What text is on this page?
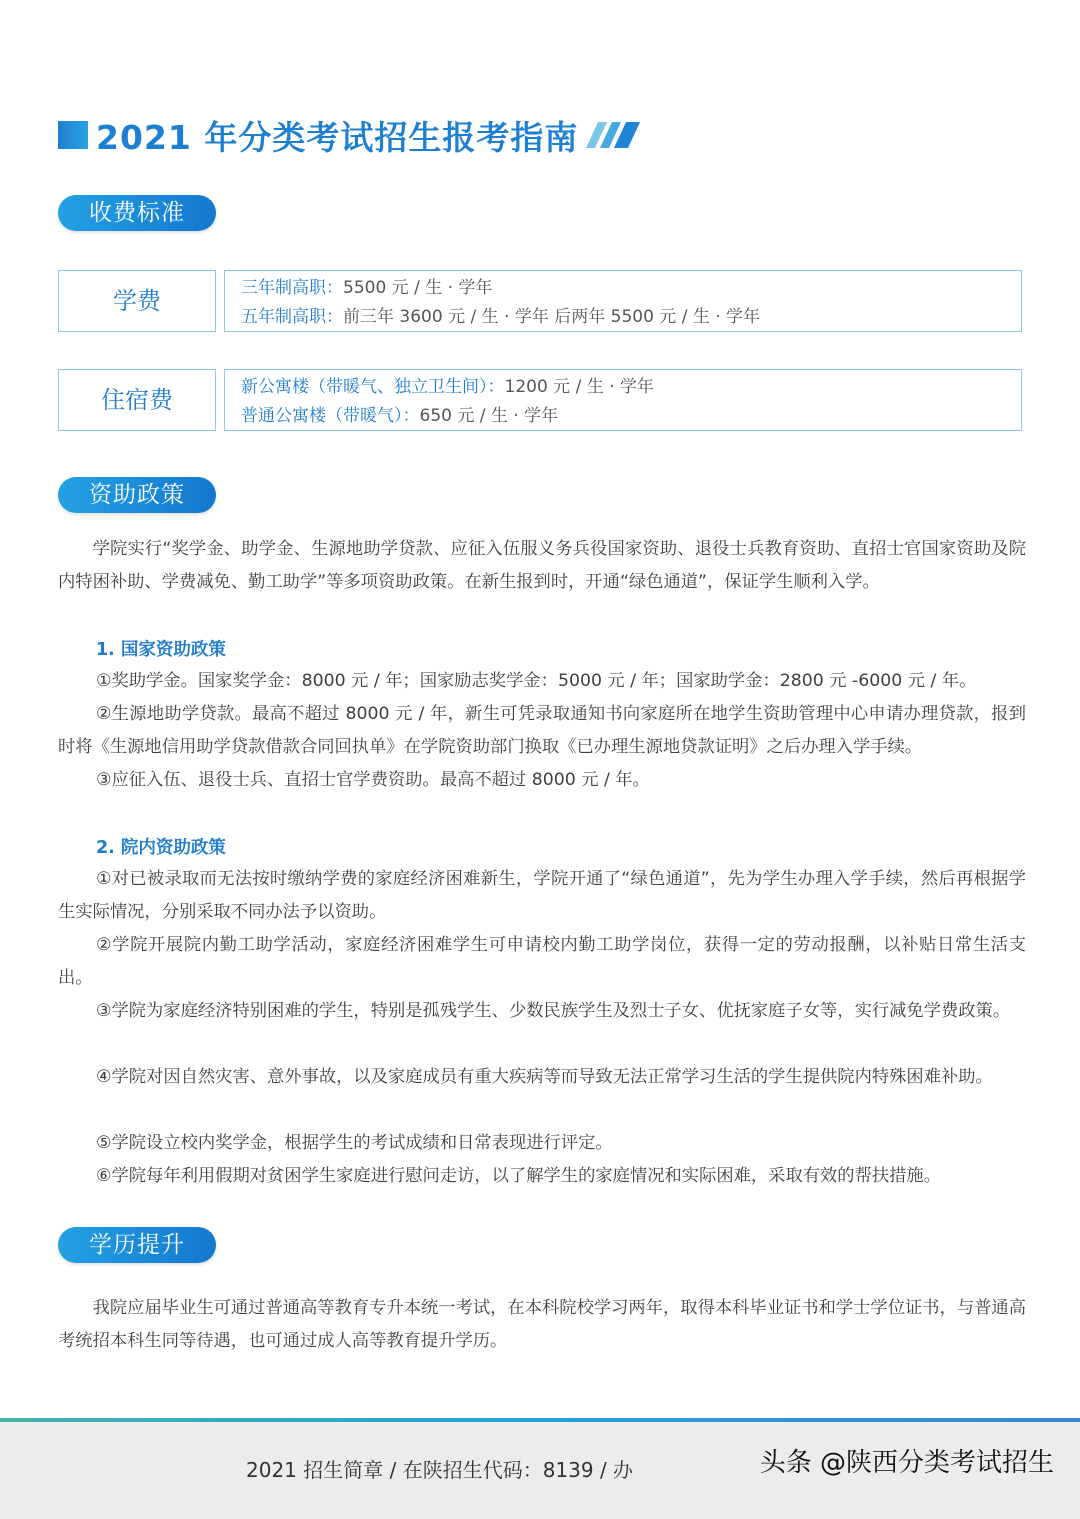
2021 年分类考试招生报考指南
收费标准
学费	三年制高职：5500 元 / 生 · 学年
五年制高职：前三年 3600 元 / 生 · 学年 后两年 5500 元 / 生 · 学年
住宿费	新公寓楼（带暖气、独立卫生间）：1200 元 / 生 · 学年
普通公寓楼（带暖气）：650 元 / 生 · 学年
资助政策
学院实行“奖学金、助学金、生源地助学贷款、应征入伍服义务兵役国家资助、退役士兵教育资助、直招士官国家资助及院内特困补助、学费减免、勤工助学”等多项资助政策。在新生报到时，开通“绿色通道”，保证学生顺利入学。
1. 国家资助政策
①奖助学金。国家奖学金：8000 元 / 年；国家励志奖学金：5000 元 / 年；国家助学金：2800 元 -6000 元 / 年。
②生源地助学贷款。最高不超过 8000 元 / 年，新生可凭录取通知书向家庭所在地学生资助管理中心申请办理贷款，报到时将《生源地信用助学贷款借款合同回执单》在学院资助部门换取《已办理生源地贷款证明》之后办理入学手续。
③应征入伍、退役士兵、直招士官学费资助。最高不超过 8000 元 / 年。
2. 院内资助政策
①对已被录取而无法按时缴纳学费的家庭经济困难新生，学院开通了“绿色通道”，先为学生办理入学手续，然后再根据学生实际情况，分别采取不同办法予以资助。
②学院开展院内勤工助学活动，家庭经济困难学生可申请校内勤工助学岗位，获得一定的劳动报酬，以补贴日常生活支出。
③学院为家庭经济特别困难的学生，特别是孤残学生、少数民族学生及烈士子女、优抚家庭子女等，实行减免学费政策。
④学院对因自然灾害、意外事故，以及家庭成员有重大疾病等而导致无法正常学习生活的学生提供院内特殊困难补助。
⑤学院设立校内奖学金，根据学生的考试成绩和日常表现进行评定。
⑥学院每年利用假期对贫困学生家庭进行慰问走访，以了解学生的家庭情况和实际困难，采取有效的帮扶措施。
学历提升
我院应届毕业生可通过普通高等教育专升本统一考试，在本科院校学习两年，取得本科毕业证书和学士学位证书，与普通高考统招本科生同等待遇，也可通过成人高等教育提升学历。
2021 招生简章 / 在陕招生代码：8139 / 办	头条 @陕西分类考试招生
